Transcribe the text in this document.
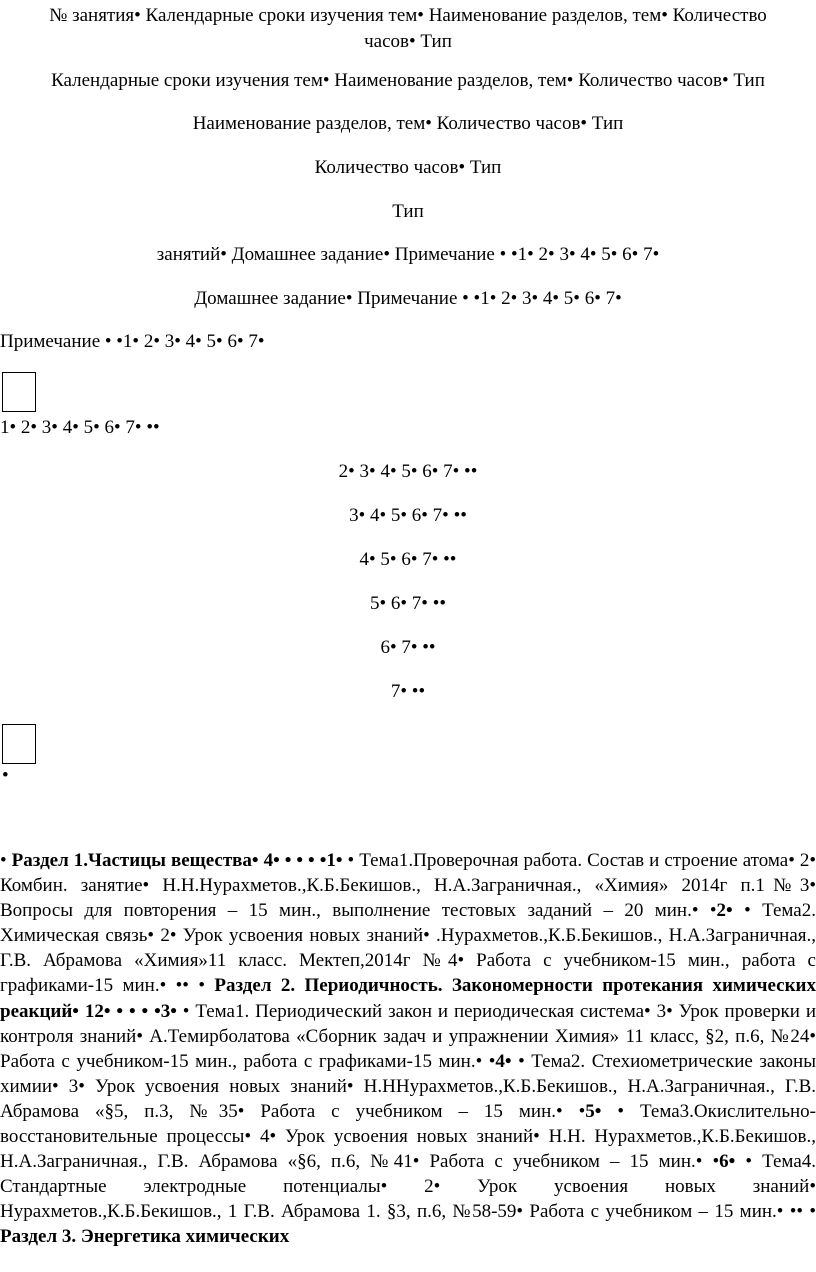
№ занятия• Календарные сроки изучения тем• Наименование разделов, тем• Количество
часов• Тип
Календарные сроки изучения тем• Наименование разделов, тем• Количество часов• Тип
Наименование разделов, тем• Количество часов• Тип
Количество часов• Тип
Тип
занятий• Домашнее задание• Примечание • •1• 2• 3• 4• 5• 6• 7•
Домашнее задание• Примечание • •1• 2• 3• 4• 5• 6• 7•
Примечание • •1• 2• 3• 4• 5• 6• 7•
1• 2• 3• 4• 5• 6• 7• ••
2• 3• 4• 5• 6• 7• ••
3• 4• 5• 6• 7• ••
4• 5• 6• 7• ••
5• 6• 7• ••
6• 7• ••
7• ••
•
• Раздел 1.Частицы вещества• 4• • • • •1• • Тема1.Проверочная работа. Состав и строение атома• 2• Комбин. занятие• Н.Н.Нурахметов.,К.Б.Бекишов., Н.А.Заграничная., «Химия» 2014г п.1№3• Вопросы для повторения – 15 мин., выполнение тестовых заданий – 20 мин.• •2• • Тема2. Химическая связь• 2• Урок усвоения новых знаний• .Нурахметов.,К.Б.Бекишов., Н.А.Заграничная., Г.В. Абрамова «Химия»11 класс. Мектеп,2014г №4• Работа с учебником-15 мин., работа с графиками-15 мин.• •• • Раздел 2. Периодичность. Закономерности протекания химических реакций• 12• • • • •3• • Тема1. Периодический закон и периодическая система• 3• Урок проверки и контроля знаний• А.Темирболатова «Сборник задач и упражнении Химия» 11 класс, §2, п.6, №24• Работа с учебником-15 мин., работа с графиками-15 мин.• •4• • Тема2. Стехиометрические законы химии• 3• Урок усвоения новых знаний• Н.ННурахметов.,К.Б.Бекишов., Н.А.Заграничная., Г.В. Абрамова «§5, п.3, №35• Работа с учебником – 15 мин.• •5• • Тема3.Окислительно-восстановительные процессы• 4• Урок усвоения новых знаний• Н.Н. Нурахметов.,К.Б.Бекишов., Н.А.Заграничная., Г.В. Абрамова «§6, п.6, №41• Работа с учебником – 15 мин.• •6• • Тема4. Стандартные электродные потенциалы• 2• Урок усвоения новых знаний• Нурахметов.,К.Б.Бекишов., 1 Г.В. Абрамова 1. §3, п.6, №58-59• Работа с учебником – 15 мин.• •• • Раздел 3. Энергетика химических
